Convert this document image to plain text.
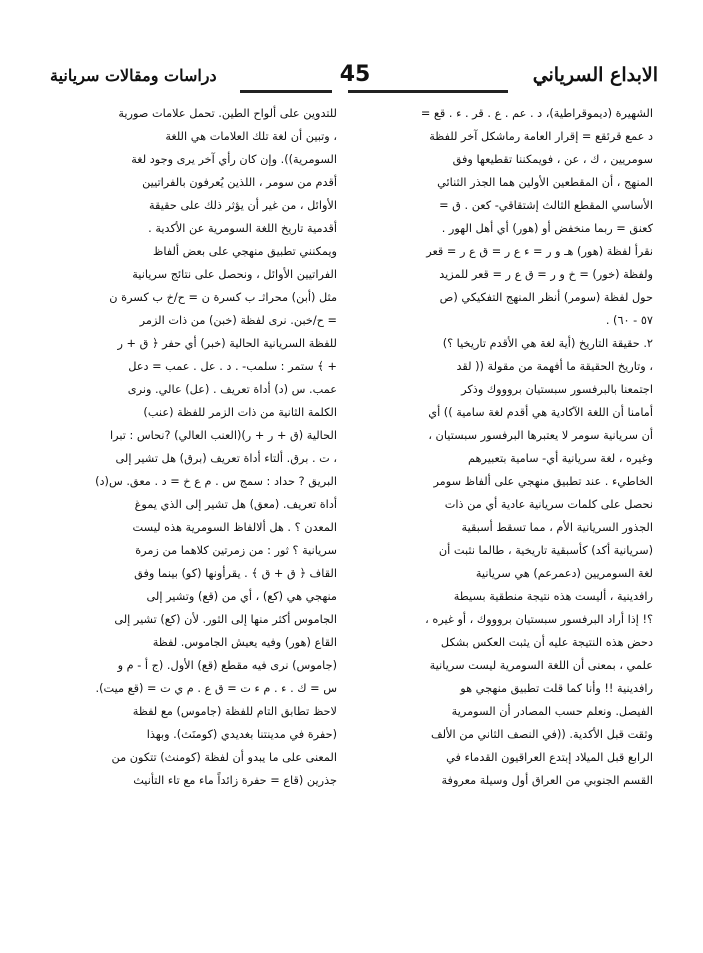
الابداع السرياني
45
دراسات ومقالات سريانية
الشهيرة (ديموقراطية)، د . عم . ع . قر . ء . قع =
د عمع قرئقع = إقرار العامة رماشكل آخر للفظة
سومريين ، ك ، عن ، فويمكننا تقطيعها وفق
المنهج ، أن المقطعين الأولين هما الجذر الثنائي
الأساسي المقطع الثالث إشتقاقي- كعن . ق =
كعنق = ربما منخفض أو (هور) أي أهل الهور .
نقرأ لفظة (هور) هـ و ر = ء ع ر = ق ع ر = قعر
ولفظة (خور) = خ و ر = ق ع ر = قعر للمزيد
حول لفظة (سومر) أنظر المنهج التفكيكي (ص
٥٧ - ٦٠) .
٢. حقيقة التاريخ (أية لغة هي الأقدم تاريخيا ؟)
، وتاريخ الحقيقة ما أفهمة من مقولة (( لقد
اجتمعنا بالبرفسور سبستيان بروووك وذكر
أمامنا أن اللغة الآكادية هي أقدم لغة سامية )) أي
أن سريانية سومر لا يعتبرها البرفسور سبستيان ،
وغيره ، لغة سريانية أي- سامية بتعبيرهم
الخاطيء . عند تطبيق منهجي على ألفاظ سومر
نحصل على كلمات سريانية عادية أي من ذات
الجذور السريانية الأم ، مما تسقط أسبقية
(سريانية أكد) كأسبقية تاريخية ، طالما نثبت أن
لغة السومريين (دعمرعم) هي سريانية
رافدينية ، أليست هذه نتيجة منطقية بسيطة
؟! إذا أراد البرفسور سبستيان بروووك ، أو غيره ،
دحض هذه النتيجة عليه أن يثبت العكس بشكل
علمي ، بمعنى أن اللغة السومرية ليست سريانية
رافدينية !! وأنا كما قلت تطبيق منهجي هو
الفيصل. ونعلم حسب المصادر أن السومرية
وثقت قبل الأكدية. ((في النصف الثاني من الألف
الرابع قبل الميلاد إبتدع العراقيون القدماء في
القسم الجنوبي من العراق أول وسيلة معروفة
للتدوين على ألواح الطين. تحمل علامات صورية
، وتبين أن لغة تلك العلامات هي اللغة
السومرية)). وإن كان رأي آخر يرى وجود لغة
أقدم من سومر ، اللذين يُعرفون بالفراتيين
الأوائل ، من غير أن يؤثر ذلك على حقيقة
أقدمية تاريخ اللغة السومرية عن الأكدية .
ويمكنني تطبيق منهجي على بعض ألفاظ
الفراتيين الأوائل ، ونحصل على نتائج سريانية
مثل (أبن) محراثـ ب كسرة ن = ح/خ ب كسرة ن
= ح/خبن. نرى لفظة (خبن) من ذات الزمر
للفظة السريانية الحالية (خبر) أي حفر ﴿ ق + ر
+ ﴾ ستمر : سلمب- . د . عل . عمب = دعل
عمب. س (د) أداة تعريف . (عل) عالي. ونرى
الكلمة الثانية من ذات الزمر للفظة (عنب)
الحالية (ق + ر + ر)(العنب العالي) ?نحاس : تبرا
، ت . برق. ألتاء أداة تعريف (برق) هل تشير إلى
البريق ? حداد : سمج س . م ع خ = د . معق. س(د)
أداة تعريف. (معق) هل تشير إلى الذي يموغ
المعدن ؟ . هل ألالفاظ السومرية هذه ليست
سريانية ؟ ثور : من زمرتين كلاهما من زمرة
القاف ﴿ ق + ق ﴾ . يقرأونها (كو) بينما وفق
منهجي هي (كع) ، أي من (قع) وتشير إلى
الجاموس أكثر منها إلى الثور. لأن (كع) تشير إلى
القاع (هور) وفيه يعيش الجاموس. لفظة
(جاموس) نرى فيه مقطع (قع) الأول. (ج أ - م و
س = ك . ء . م ء ت = ق ع . م ي ت = (قع ميت).
لاحظ تطابق التام للفظة (جاموس) مع لفظة
(حفرة في مدينتنا بغديدي (كومنَث). وبهذا
المعنى على ما يبدو أن لفظة (كومنث) تتكون من
جذرين (قاع = حفرة زائداً ماء مع تاء التأنيث
